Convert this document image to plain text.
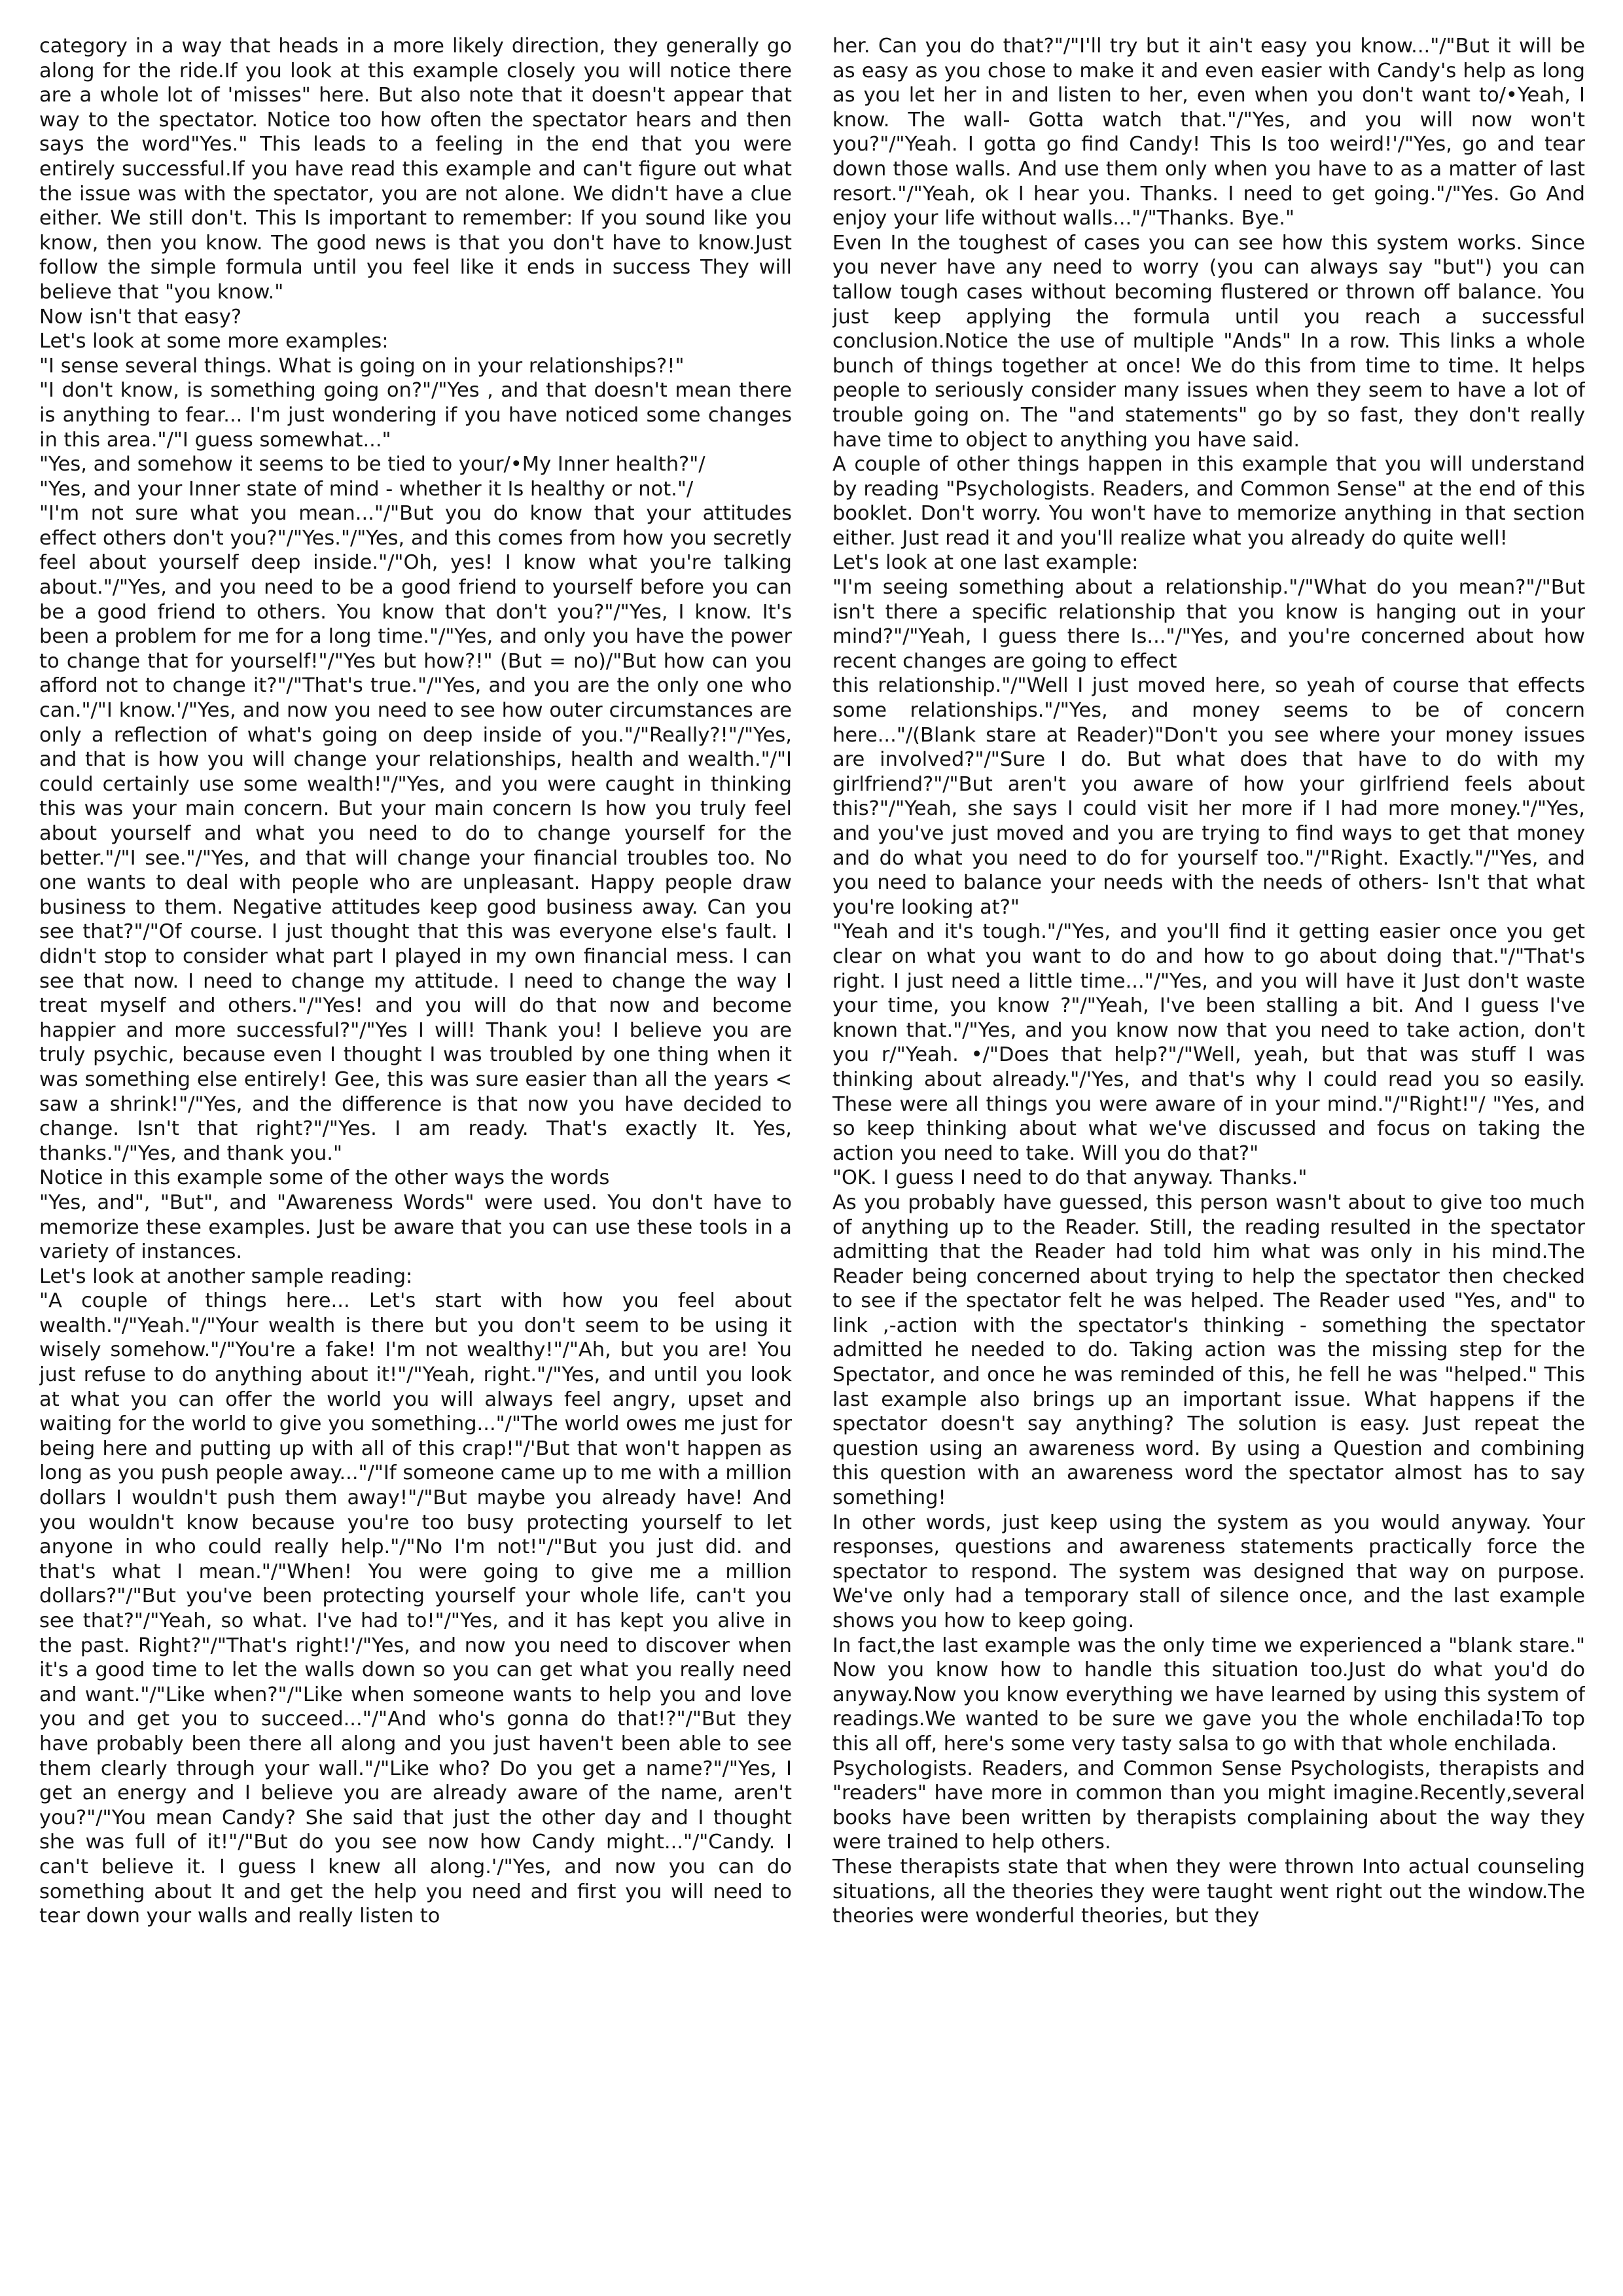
category in a way that heads in a more likely direction, they generally go along for the ride.If you look at this example closely you will notice there are a whole lot of 'misses" here. But also note that it doesn't appear that way to the spectator. Notice too how often the spectator hears and then says the word"Yes." This leads to a feeling in the end that you were entirely successful.If you have read this example and can't figure out what the issue was with the spectator, you are not alone. We didn't have a clue either. We still don't. This Is important to remember: If you sound like you know, then you know. The good news is that you don't have to know.Just follow the simple formula until you feel like it ends in success They will believe that "you know."

Now isn't that easy?

Let's look at some more examples:

"I sense several things. What is going on in your relationships?!"

"I don't know, is something going on?"/"Yes , and that doesn't mean there is anything to fear... I'm just wondering if you have noticed some changes in this area."/"I guess somewhat..."

"Yes, and somehow it seems to be tied to your/•My Inner health?"/

"Yes, and your Inner state of mind - whether it Is healthy or not."/

"I'm not sure what you mean..."/"But you do know that your attitudes effect others don't you?"/"Yes."/"Yes, and this comes from how you secretly feel about yourself deep inside."/"Oh, yes! I know what you're talking about."/"Yes, and you need to be a good friend to yourself before you can be a good friend to others. You know that don't you?"/"Yes, I know. It's been a problem for me for a long time."/"Yes, and only you have the power to change that for yourself!"/"Yes but how?!" (But = no)/"But how can you afford not to change it?"/"That's true."/"Yes, and you are the only one who can."/"I know.'/"Yes, and now you need to see how outer circumstances are only a reflection of what's going on deep inside of you."/"Really?!"/"Yes, and that is how you will change your relationships, health and wealth."/"I could certainly use some wealth!"/"Yes, and you were caught in thinking this was your main concern. But your main concern Is how you truly feel about yourself and what you need to do to change yourself for the better."/"I see."/"Yes, and that will change your financial troubles too. No one wants to deal with people who are unpleasant. Happy people draw business to them. Negative attitudes keep good business away. Can you see that?"/"Of course. I just thought that this was everyone else's fault. I didn't stop to consider what part I played in my own financial mess. I can see that now. I need to change my attitude. I need to change the way I treat myself and others."/"Yes! and you will do that now and become happier and more successful?"/"Yes I will! Thank you! I believe you are truly psychic, because even I thought I was troubled by one thing when it was something else entirely! Gee, this was sure easier than all the years < saw a shrink!"/"Yes, and the difference is that now you have decided to change. Isn't that right?"/"Yes. I am ready. That's exactly It. Yes, thanks."/"Yes, and thank you."

Notice in this example some of the other ways the words

"Yes, and", "But", and "Awareness Words" were used. You don't have to memorize these examples. Just be aware that you can use these tools in a variety of instances.

Let's look at another sample reading:

"A couple of things here... Let's start with how you feel about wealth."/"Yeah."/"Your wealth is there but you don't seem to be using it wisely somehow."/"You're a fake! I'm not wealthy!"/"Ah, but you are! You just refuse to do anything about it!"/"Yeah, right."/"Yes, and until you look at what you can offer the world you will always feel angry, upset and waiting for the world to give you something..."/"The world owes me just for being here and putting up with all of this crap!"/'But that won't happen as long as you push people away..."/"If someone came up to me with a million dollars I wouldn't push them away!"/"But maybe you already have! And you wouldn't know because you're too busy protecting yourself to let anyone in who could really help."/"No I'm not!"/"But you just did. and that's what I mean."/"When! You were going to give me a million dollars?"/"But you've been protecting yourself your whole life, can't you see that?"/"Yeah, so what. I've had to!"/"Yes, and it has kept you alive in the past. Right?"/"That's right!'/"Yes, and now you need to discover when it's a good time to let the walls down so you can get what you really need and want."/"Like when?"/"Like when someone wants to help you and love you and get you to succeed..."/"And who's gonna do that!?"/"But they have probably been there all along and you just haven't been able to see them clearly through your wall."/"Like who? Do you get a name?"/"Yes, I get an energy and I believe you are already aware of the name, aren't you?"/"You mean Candy? She said that just the other day and I thought she was full of it!"/"But do you see now how Candy might..."/"Candy. I can't believe it. I guess I knew all along.'/"Yes, and now you can do something about It and get the help you need and first you will need to tear down your walls and really listen to

her. Can you do that?"/"I'll try but it ain't easy you know..."/"But it will be as easy as you chose to make it and even easier with Candy's help as long as you let her in and listen to her, even when you don't want to/•Yeah, I know. The wall- Gotta watch that."/"Yes, and you will now won't you?"/"Yeah. I gotta go find Candy! This Is too weird!'/"Yes, go and tear down those walls. And use them only when you have to as a matter of last resort."/"Yeah, ok I hear you. Thanks. I need to get going."/"Yes. Go And enjoy your life without walls..."/"Thanks. Bye."

Even In the toughest of cases you can see how this system works. Since you never have any need to worry (you can always say "but") you can tallow tough cases without becoming flustered or thrown off balance. You just keep applying the formula until you reach a successful conclusion.Notice the use of multiple "Ands" In a row. This links a whole bunch of things together at once! We do this from time to time. It helps people to seriously consider many issues when they seem to have a lot of trouble going on. The "and statements" go by so fast, they don't really have time to object to anything you have said.

A couple of other things happen in this example that you will understand by reading "Psychologists. Readers, and Common Sense" at the end of this booklet. Don't worry. You won't have to memorize anything in that section either. Just read it and you'll realize what you already do quite well!

Let's look at one last example:

"I'm seeing something about a relationship."/"What do you mean?"/"But isn't there a specific relationship that you know is hanging out in your mind?"/"Yeah, I guess there Is..."/"Yes, and you're concerned about how recent changes are going to effect

this relationship."/"Well I just moved here, so yeah of course that effects some relationships."/"Yes, and money seems to be of concern here..."/(Blank stare at Reader)"Don't you see where your money issues are involved?"/"Sure I do. But what does that have to do with my girlfriend?"/"But aren't you aware of how your girlfriend feels about this?"/"Yeah, she says I could visit her more if I had more money."/"Yes, and you've just moved and you are trying to find ways to get that money and do what you need to do for yourself too."/"Right. Exactly."/"Yes, and you need to balance your needs with the needs of others- Isn't that what you're looking at?"

"Yeah and it's tough."/"Yes, and you'll find it getting easier once you get clear on what you want to do and how to go about doing that."/"That's right. I just need a little time..."/"Yes, and you will have it Just don't waste your time, you know ?"/"Yeah, I've been stalling a bit. And I guess I've known that."/"Yes, and you know now that you need to take action, don't you r/"Yeah. •/"Does that help?"/"Well, yeah, but that was stuff I was thinking about already."/'Yes, and that's why I could read you so easily. These were all things you were aware of in your mind."/"Right!"/ "Yes, and so keep thinking about what we've discussed and focus on taking the action you need to take. Will you do that?"

"OK. I guess I need to do that anyway. Thanks."

As you probably have guessed, this person wasn't about to give too much of anything up to the Reader. Still, the reading resulted in the spectator admitting that the Reader had told him what was only in his mind.The Reader being concerned about trying to help the spectator then checked to see if the spectator felt he was helped. The Reader used "Yes, and" to link ,-action with the spectator's thinking - something the spectator admitted he needed to do. Taking action was the missing step for the Spectator, and once he was reminded of this, he fell he was "helped." This last example also brings up an important issue. What happens if the spectator doesn't say anything? The solution is easy. Just repeat the question using an awareness word. By using a Question and combining this question with an awareness word the spectator almost has to say something!

In other words, just keep using the system as you would anyway. Your responses, questions and awareness statements practically force the spectator to respond. The system was designed that way on purpose. We've only had a temporary stall of silence once, and the last example shows you how to keep going.

In fact,the last example was the only time we experienced a "blank stare." Now you know how to handle this situation too.Just do what you'd do anyway.Now you know everything we have learned by using this system of readings.We wanted to be sure we gave you the whole enchilada!To top this all off, here's some very tasty salsa to go with that whole enchilada.

Psychologists. Readers, and Common Sense Psychologists, therapists and "readers" have more in common than you might imagine.Recently,several books have been written by therapists complaining about the way they were trained to help others.

These therapists state that when they were thrown Into actual counseling situations, all the theories they were taught went right out the window.The theories were wonderful theories, but they
